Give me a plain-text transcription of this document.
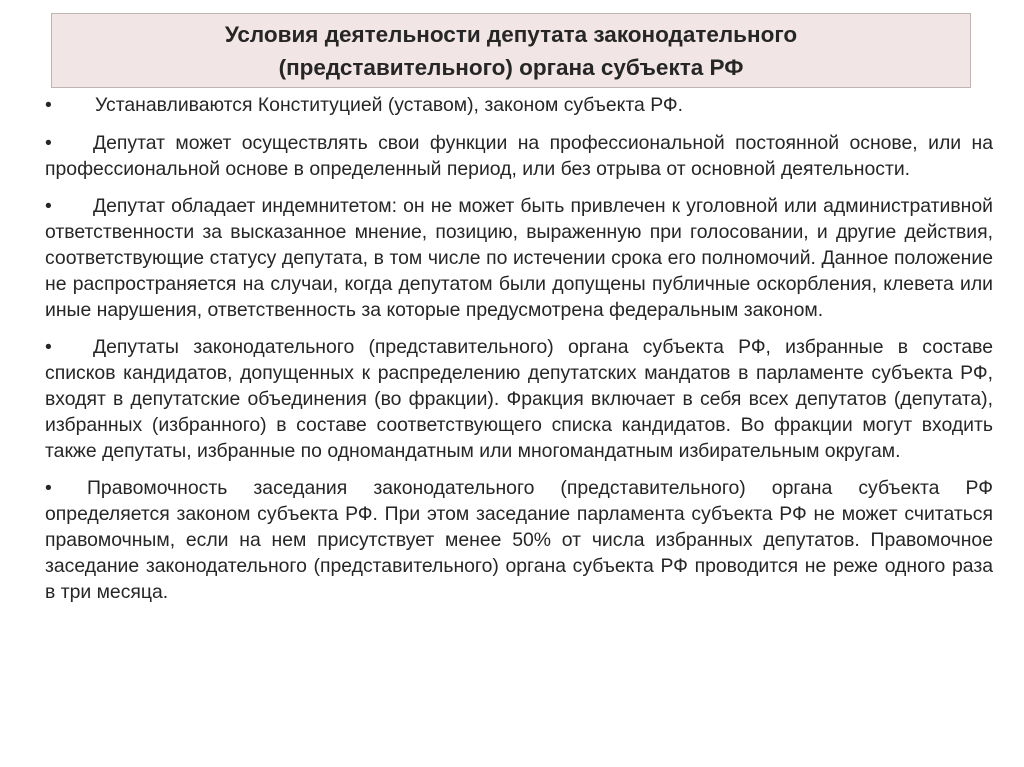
Условия деятельности депутата законодательного
(представительного) органа субъекта РФ

• Устанавливаются Конституцией (уставом), законом субъекта РФ.

• Депутат может осуществлять свои функции на профессиональной постоянной основе, или на профессиональной основе в определенный период, или без отрыва от основной деятельности.

• Депутат обладает индемнитетом: он не может быть привлечен к уголовной или административной ответственности за высказанное мнение, позицию, выраженную при голосовании, и другие действия, соответствующие статусу депутата, в том числе по истечении срока его полномочий. Данное положение не распространяется на случаи, когда депутатом были допущены публичные оскорбления, клевета или иные нарушения, ответственность за которые предусмотрена федеральным законом.

• Депутаты законодательного (представительного) органа субъекта РФ, избранные в составе списков кандидатов, допущенных к распределению депутатских мандатов в парламенте субъекта РФ, входят в депутатские объединения (во фракции). Фракция включает в себя всех депутатов (депутата), избранных (избранного) в составе соответствующего списка кандидатов. Во фракции могут входить также депутаты, избранные по одномандатным или многомандатным избирательным округам.

• Правомочность заседания законодательного (представительного) органа субъекта РФ определяется законом субъекта РФ. При этом заседание парламента субъекта РФ не может считаться правомочным, если на нем присутствует менее 50% от числа избранных депутатов. Правомочное заседание законодательного (представительного) органа субъекта РФ проводится не реже одного раза в три месяца.
